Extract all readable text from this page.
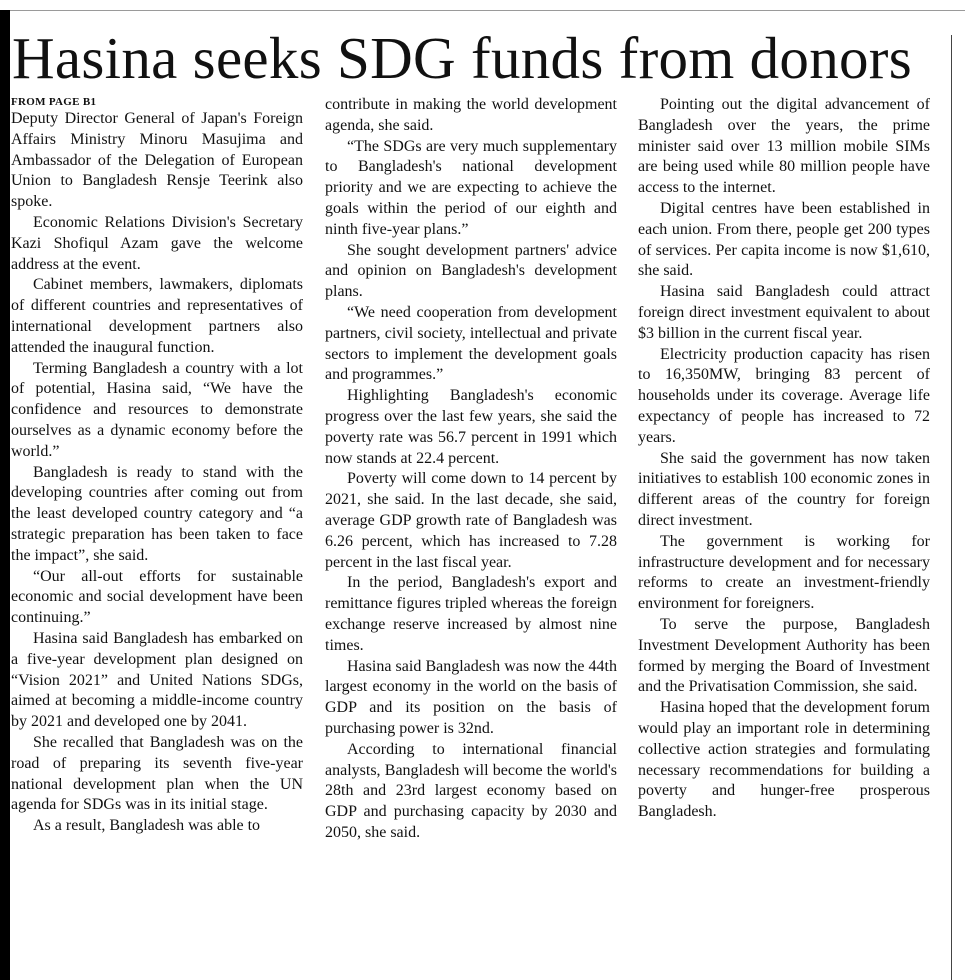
Hasina seeks SDG funds from donors
FROM PAGE B1

Deputy Director General of Japan's Foreign Affairs Ministry Minoru Masujima and Ambassador of the Delegation of European Union to Bangladesh Rensje Teerink also spoke.

Economic Relations Division's Secretary Kazi Shofiqul Azam gave the welcome address at the event.

Cabinet members, lawmakers, diplomats of different countries and representatives of international development partners also attended the inaugural function.

Terming Bangladesh a country with a lot of potential, Hasina said, “We have the confidence and resources to demonstrate ourselves as a dynamic economy before the world.”

Bangladesh is ready to stand with the developing countries after coming out from the least developed country category and “a strategic preparation has been taken to face the impact”, she said.

“Our all-out efforts for sustainable economic and social development have been continuing.”

Hasina said Bangladesh has embarked on a five-year development plan designed on “Vision 2021” and United Nations SDGs, aimed at becoming a middle-income country by 2021 and developed one by 2041.

She recalled that Bangladesh was on the road of preparing its seventh five-year national development plan when the UN agenda for SDGs was in its initial stage.

As a result, Bangladesh was able to

contribute in making the world development agenda, she said.

“The SDGs are very much supplementary to Bangladesh's national development priority and we are expecting to achieve the goals within the period of our eighth and ninth five-year plans.”

She sought development partners' advice and opinion on Bangladesh's development plans.

“We need cooperation from development partners, civil society, intellectual and private sectors to implement the development goals and programmes.”

Highlighting Bangladesh's economic progress over the last few years, she said the poverty rate was 56.7 percent in 1991 which now stands at 22.4 percent.

Poverty will come down to 14 percent by 2021, she said. In the last decade, she said, average GDP growth rate of Bangladesh was 6.26 percent, which has increased to 7.28 percent in the last fiscal year.

In the period, Bangladesh's export and remittance figures tripled whereas the foreign exchange reserve increased by almost nine times.

Hasina said Bangladesh was now the 44th largest economy in the world on the basis of GDP and its position on the basis of purchasing power is 32nd.

According to international financial analysts, Bangladesh will become the world's 28th and 23rd largest economy based on GDP and purchasing capacity by 2030 and 2050, she said.

Pointing out the digital advancement of Bangladesh over the years, the prime minister said over 13 million mobile SIMs are being used while 80 million people have access to the internet.

Digital centres have been established in each union. From there, people get 200 types of services. Per capita income is now $1,610, she said.

Hasina said Bangladesh could attract foreign direct investment equivalent to about $3 billion in the current fiscal year.

Electricity production capacity has risen to 16,350MW, bringing 83 percent of households under its coverage. Average life expectancy of people has increased to 72 years.

She said the government has now taken initiatives to establish 100 economic zones in different areas of the country for foreign direct investment.

The government is working for infrastructure development and for necessary reforms to create an investment-friendly environment for foreigners.

To serve the purpose, Bangladesh Investment Development Authority has been formed by merging the Board of Investment and the Privatisation Commission, she said.

Hasina hoped that the development forum would play an important role in determining collective action strategies and formulating necessary recommendations for building a poverty and hunger-free prosperous Bangladesh.
